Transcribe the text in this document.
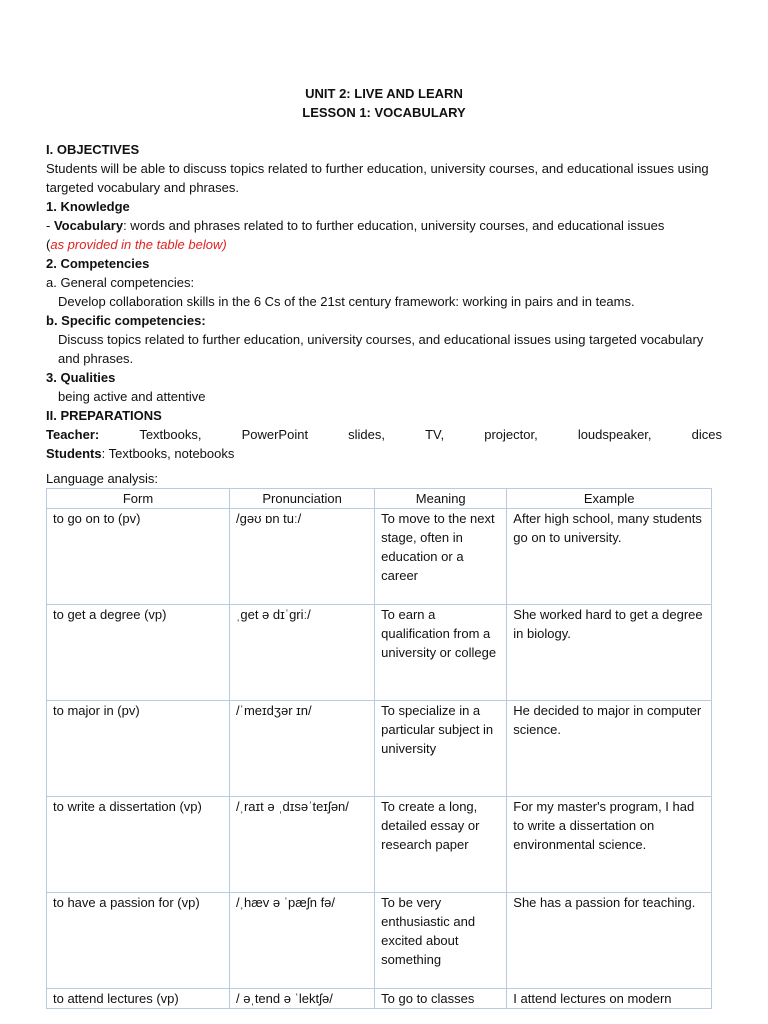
UNIT 2: LIVE AND LEARN
LESSON 1: VOCABULARY
I. OBJECTIVES
Students will be able to discuss topics related to further education, university courses, and educational issues using targeted vocabulary and phrases.
1. Knowledge
- Vocabulary: words and phrases related to to further education, university courses, and educational issues
(as provided in the table below)
2. Competencies
a. General competencies:
Develop collaboration skills in the 6 Cs of the 21st century framework: working in pairs and in teams.
b. Specific competencies:
Discuss topics related to further education, university courses, and educational issues using targeted vocabulary and phrases.
3. Qualities
being active and attentive
II. PREPARATIONS
Teacher:	Textbooks,	PowerPoint	slides,	TV,	projector,	loudspeaker,	dices
Students: Textbooks, notebooks
Language analysis:
Form	Pronunciation	Meaning	Example
to go on to (pv)	/ɡəʊ ɒn tuː/	To move to the next stage, often in education or a career	After high school, many students go on to university.
to get a degree (vp)	ˌɡet ə dɪˈɡriː/	To earn a qualification from a university or college	She worked hard to get a degree in biology.
to major in (pv)	/ˈmeɪdʒər ɪn/	To specialize in a particular subject in university	He decided to major in computer science.
to write a dissertation (vp)	/ˌraɪt ə ˌdɪsəˈteɪʃən/	To create a long, detailed essay or research paper	For my master's program, I had to write a dissertation on environmental science.
to have a passion for (vp)	/ˌhæv ə ˈpæʃn fə/	To be very enthusiastic and excited about something	She has a passion for teaching.
to attend lectures (vp)	/ əˌtend ə ˈlektʃə/	To go to classes	I attend lectures on modern
